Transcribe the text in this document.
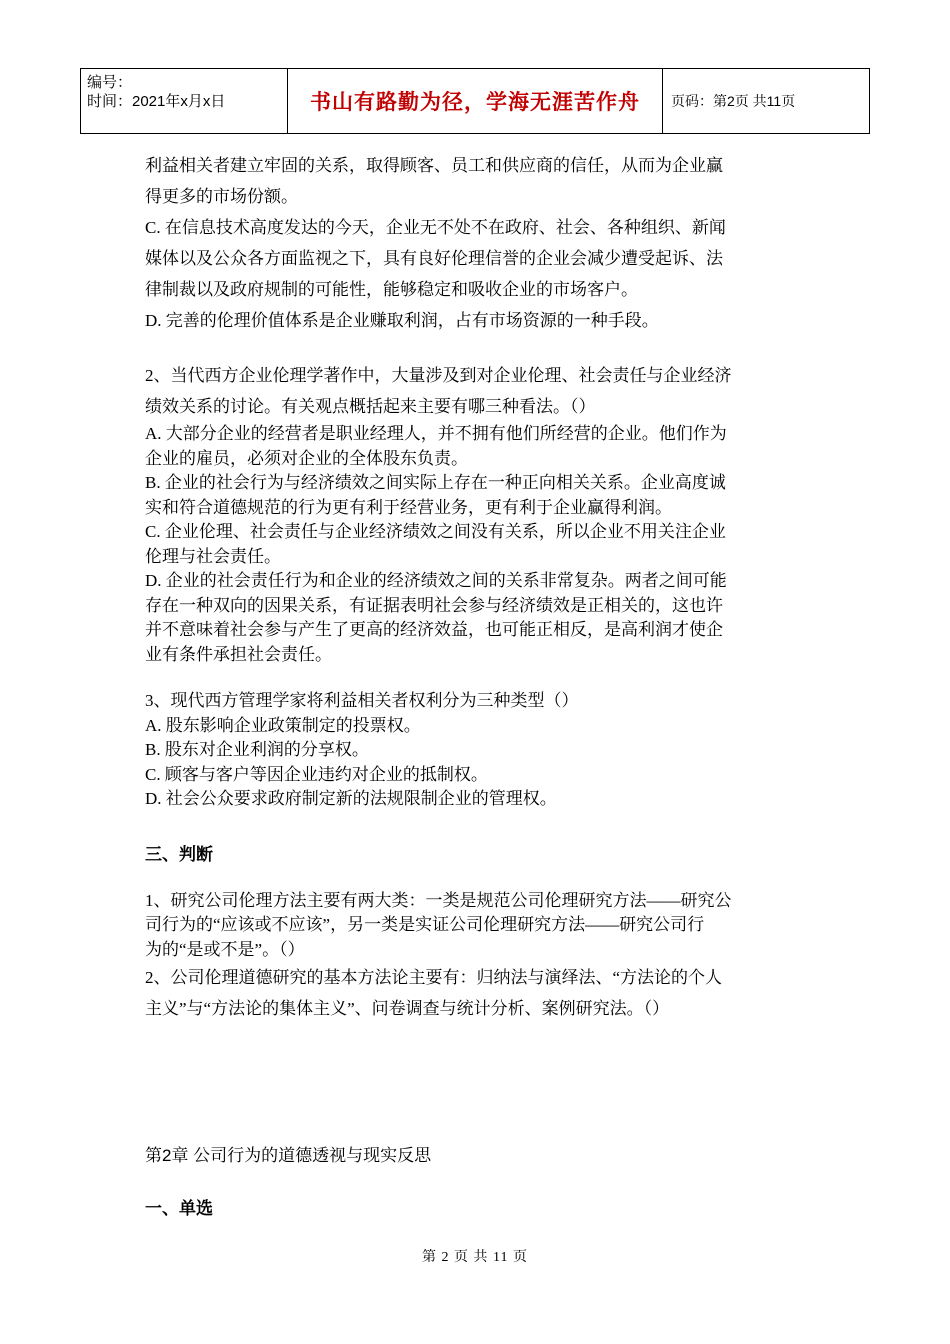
编号：
时间：2021年x月x日	书山有路勤为径，学海无涯苦作舟	页码：第2页 共11页

利益相关者建立牢固的关系，取得顾客、员工和供应商的信任，从而为企业赢

得更多的市场份额。

C. 在信息技术高度发达的今天，企业无不处不在政府、社会、各种组织、新闻

媒体以及公众各方面监视之下，具有良好伦理信誉的企业会减少遭受起诉、法

律制裁以及政府规制的可能性，能够稳定和吸收企业的市场客户。

D. 完善的伦理价值体系是企业赚取利润，占有市场资源的一种手段。

2、当代西方企业伦理学著作中，大量涉及到对企业伦理、社会责任与企业经济

绩效关系的讨论。有关观点概括起来主要有哪三种看法。（）

A. 大部分企业的经营者是职业经理人，并不拥有他们所经营的企业。他们作为

企业的雇员，必须对企业的全体股东负责。

B. 企业的社会行为与经济绩效之间实际上存在一种正向相关关系。企业高度诚

实和符合道德规范的行为更有利于经营业务，更有利于企业赢得利润。

C. 企业伦理、社会责任与企业经济绩效之间没有关系，所以企业不用关注企业

伦理与社会责任。

D. 企业的社会责任行为和企业的经济绩效之间的关系非常复杂。两者之间可能

存在一种双向的因果关系，有证据表明社会参与经济绩效是正相关的，这也许

并不意味着社会参与产生了更高的经济效益，也可能正相反，是高利润才使企

业有条件承担社会责任。

3、现代西方管理学家将利益相关者权利分为三种类型（）

A. 股东影响企业政策制定的投票权。

B. 股东对企业利润的分享权。

C. 顾客与客户等因企业违约对企业的抵制权。

D. 社会公众要求政府制定新的法规限制企业的管理权。

三、判断

1、研究公司伦理方法主要有两大类：一类是规范公司伦理研究方法——研究公

司行为的“应该或不应该”，另一类是实证公司伦理研究方法——研究公司行

为的“是或不是”。（）

2、公司伦理道德研究的基本方法论主要有：归纳法与演绎法、“方法论的个人

主义”与“方法论的集体主义”、问卷调查与统计分析、案例研究法。（）

第2章 公司行为的道德透视与现实反思

一、单选

第 2 页 共 11 页
